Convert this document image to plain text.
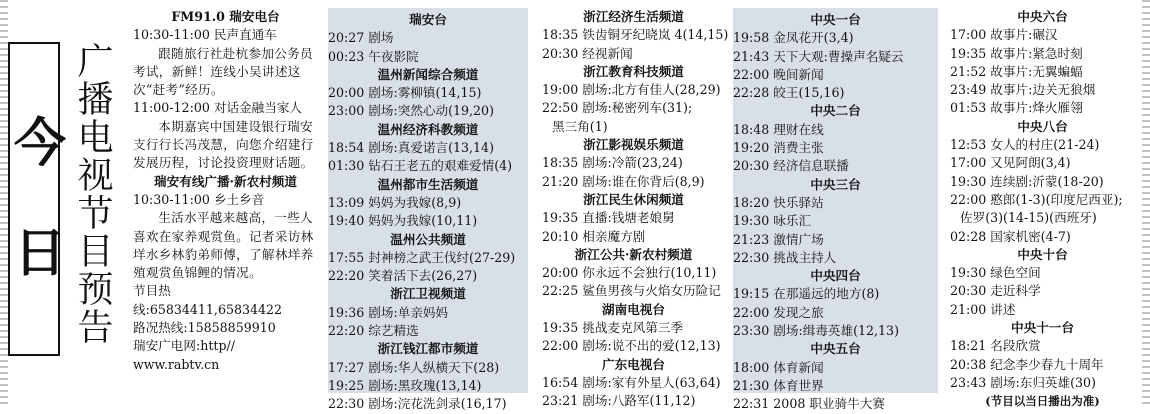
今
日 广播电视节目预告
FM91.0 瑞安电台
10:30-11:00 民声直通车
跟随旅行社赴杭参加公务员考试，新鲜！连线小吴讲述这次“赶考”经历。
11:00-12:00 对话金融当家人
本期嘉宾中国建设银行瑞安支行行长冯茂慧，向您介绍建行发展历程，讨论投资理财话题。
瑞安有线广播·新农村频道
10:30-11:00 乡土乡音
生活水平越来越高，一些人喜欢在家养观赏鱼。记者采访林垟水乡林豹弟师傅，了解林垟养殖观赏鱼锦鲤的情况。
节目热线:65834411,65834422
路况热线:15858859910
瑞安广电网:http// www.rabtv.cn
瑞安台
20:27 剧场
00:23 午夜影院
温州新闻综合频道
20:00 剧场:雾柳镇(14,15)
23:00 剧场:突然心动(19,20)
温州经济科教频道
18:54 剧场:真爱诺言(13,14)
01:30 钻石王老五的艰难爱情(4)
温州都市生活频道
13:09 妈妈为我嫁(8,9)
19:40 妈妈为我嫁(10,11)
温州公共频道
17:55 封神榜之武王伐纣(27-29)
22:20 笑着活下去(26,27)
浙江卫视频道
19:36 剧场:单亲妈妈
22:20 综艺精选
浙江钱江都市频道
17:27 剧场:华人纵横天下(28)
19:25 剧场:黑玫瑰(13,14)
22:30 剧场:浣花洗剑录(16,17)
浙江经济生活频道
18:35 铁齿铜牙纪晓岚 4(14,15)
20:30 经视新闻
浙江教育科技频道
19:00 剧场:北方有佳人(28,29)
22:50 剧场:秘密列车(31);
黑三角(1)
浙江影视娱乐频道
18:35 剧场:冷箭(23,24)
21:20 剧场:谁在你背后(8,9)
浙江民生休闲频道
19:35 直播:钱塘老娘舅
20:10 相亲魔方剧
浙江公共·新农村频道
20:00 你永远不会独行(10,11)
22:25 鲨鱼男孩与火焰女历险记
湖南电视台
19:35 挑战麦克风第三季
22:00 剧场:说不出的爱(12,13)
广东电视台
16:54 剧场:家有外星人(63,64)
23:21 剧场:八路军(11,12)
中央一台
19:58 金凤花开(3,4)
21:43 天下大观:曹操声名疑云
22:00 晚间新闻
22:28 皎王(15,16)
中央二台
18:48 理财在线
19:20 消费主张
20:30 经济信息联播
中央三台
18:20 快乐驿站
19:30 咏乐汇
21:23 激情广场
22:30 挑战主持人
中央四台
19:15 在那遥远的地方(8)
22:00 发现之旅
23:30 剧场:缉毒英雄(12,13)
中央五台
18:00 体育新闻
21:30 体育世界
22:31 2008 职业骑牛大赛
中央六台
17:00 故事片:碾汉
19:35 故事片:紧急时刻
21:52 故事片:无翼蝙蝠
23:49 故事片:边关无狼烟
01:53 故事片:烽火雁翎
中央八台
12:53 女人的村庄(21-24)
17:00 又见阿朗(3,4)
19:30 连续剧:沂蒙(18-20)
22:00 憨郎(1-3)(印度尼西亚);
佐罗(3)(14-15)(西班牙)
02:28 国家机密(4-7)
中央十台
19:30 绿色空间
20:30 走近科学
21:00 讲述
中央十一台
18:21 名段欣赏
20:38 纪念李少春九十周年
23:43 剧场:东归英雄(30)
(节目以当日播出为准)
